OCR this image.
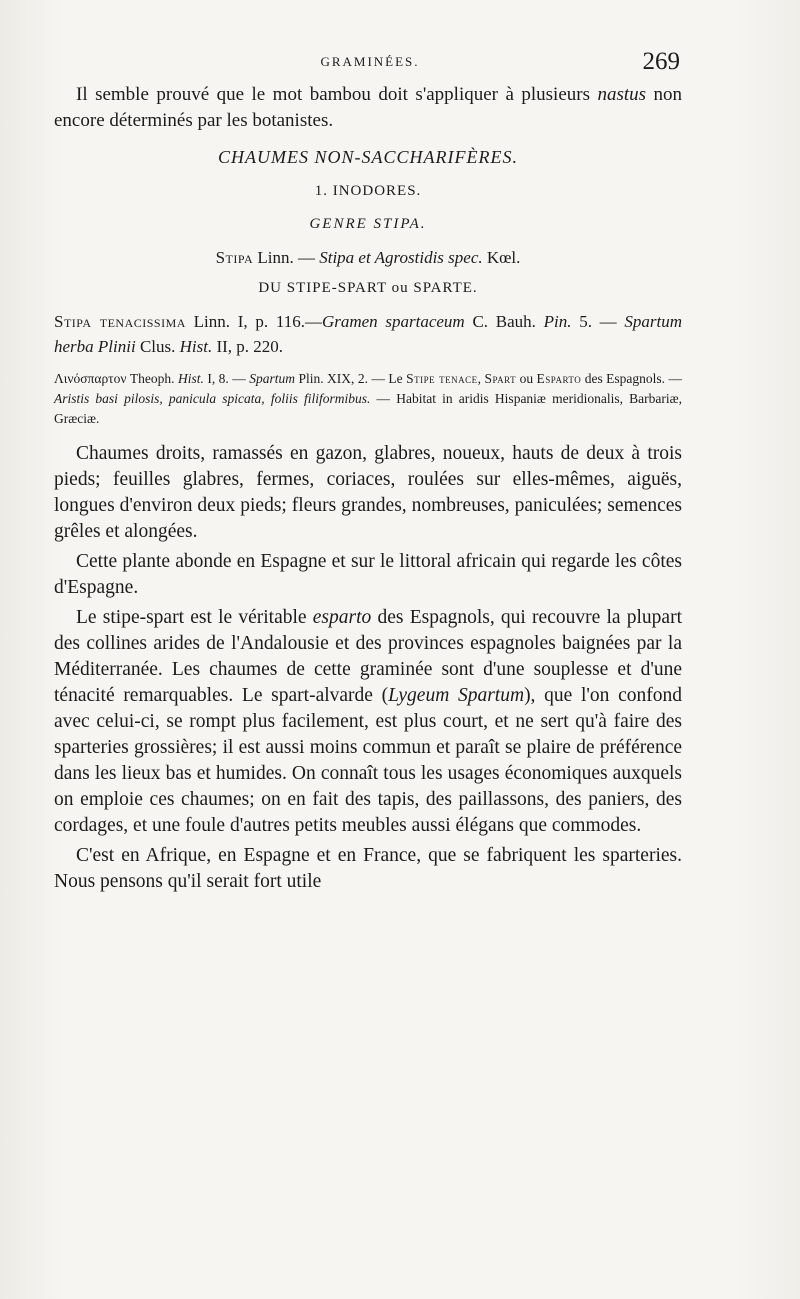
GRAMINÉES.	269

Il semble prouvé que le mot bambou doit s'appliquer à plusieurs nastus non encore déterminés par les botanistes.

CHAUMES NON-SACCHARIFÈRES.

1. INODORES.

GENRE STIPA.

Stipa Linn. — Stipa et Agrostidis spec. Kœl.

DU STIPE-SPART ou SPARTE.

Stipa tenacissima Linn. I, p. 116.—Gramen spartaceum C. Bauh. Pin. 5. — Spartum herba Plinii Clus. Hist. II, p. 220.

Λινόσπαρτον Theoph. Hist. I, 8. — Spartum Plin. XIX, 2. — Le Stipe tenace, Spart ou Esparto des Espagnols. — Aristis basi pilosis, panicula spicata, foliis filiformibus. — Habitat in aridis Hispaniæ meridionalis, Barbariæ, Græciæ.

Chaumes droits, ramassés en gazon, glabres, noueux, hauts de deux à trois pieds; feuilles glabres, fermes, coriaces, roulées sur elles-mêmes, aiguës, longues d'environ deux pieds; fleurs grandes, nombreuses, paniculées; semences grêles et alongées.

Cette plante abonde en Espagne et sur le littoral africain qui regarde les côtes d'Espagne.

Le stipe-spart est le véritable esparto des Espagnols, qui recouvre la plupart des collines arides de l'Andalousie et des provinces espagnoles baignées par la Méditerranée. Les chaumes de cette graminée sont d'une souplesse et d'une ténacité remarquables. Le spart-alvarde (Lygeum Spartum), que l'on confond avec celui-ci, se rompt plus facilement, est plus court, et ne sert qu'à faire des sparteries grossières; il est aussi moins commun et paraît se plaire de préférence dans les lieux bas et humides. On connaît tous les usages économiques auxquels on emploie ces chaumes; on en fait des tapis, des paillassons, des paniers, des cordages, et une foule d'autres petits meubles aussi élégans que commodes.

C'est en Afrique, en Espagne et en France, que se fabriquent les sparteries. Nous pensons qu'il serait fort utile
